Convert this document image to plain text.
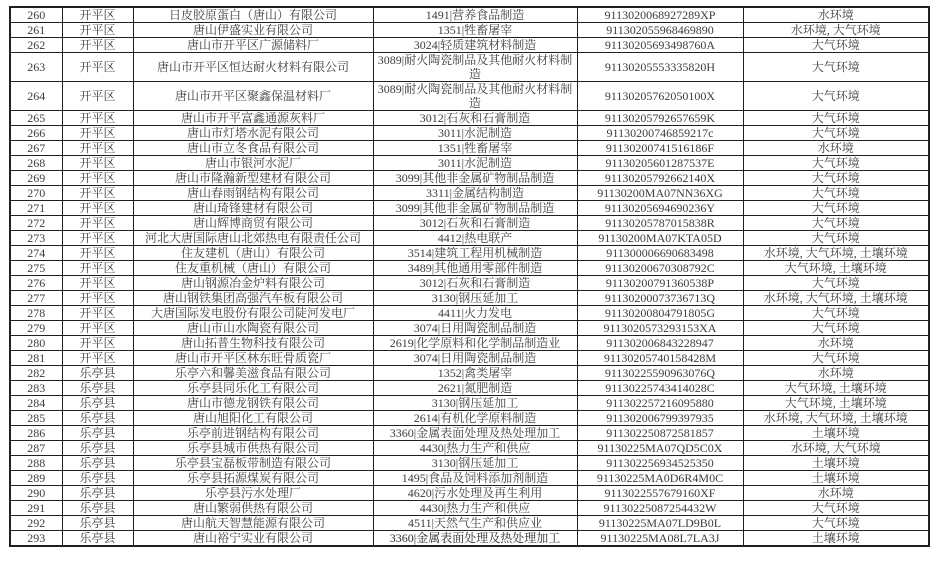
260	开平区	日皮胶原蛋白（唐山）有限公司	1491|营养食品制造	9113020068927289XP	水环境
261	开平区	唐山伊盛实业有限公司	1351|牲畜屠宰	911302055968469890	水环境, 大气环境
262	开平区	唐山市开平区广源储料厂	3024|轻质建筑材料制造	91130205693498760A	大气环境
263	开平区	唐山市开平区恒达耐火材料有限公司	3089|耐火陶瓷制品及其他耐火材料制造	91130205553335820H	大气环境
264	开平区	唐山市开平区聚鑫保温材料厂	3089|耐火陶瓷制品及其他耐火材料制造	91130205762050100X	大气环境
265	开平区	唐山市开平富鑫通源灰料厂	3012|石灰和石膏制造	91130205792657659K	大气环境
266	开平区	唐山市灯塔水泥有限公司	3011|水泥制造	91130200746859217c	大气环境
267	开平区	唐山市立冬食品有限公司	1351|牲畜屠宰	91130200741516186F	水环境
268	开平区	唐山市银河水泥厂	3011|水泥制造	91130205601287537E	大气环境
269	开平区	唐山市隆瀚新型建材有限公司	3099|其他非金属矿物制品制造	91130205792662140X	大气环境
270	开平区	唐山春雨钢结构有限公司	3311|金属结构制造	91130200MA07NN36XG	大气环境
271	开平区	唐山琦锋建材有限公司	3099|其他非金属矿物制品制造	91130205694690236Y	大气环境
272	开平区	唐山辉博商贸有限公司	3012|石灰和石膏制造	91130205787015838R	大气环境
273	开平区	河北大唐国际唐山北郊热电有限责任公司	4412|热电联产	91130200MA07KTA05D	大气环境
274	开平区	住友建机（唐山）有限公司	3514|建筑工程用机械制造	911300006690683498	水环境, 大气环境, 土壤环境
275	开平区	住友重机械（唐山）有限公司	3489|其他通用零部件制造	91130200670308792C	大气环境, 土壤环境
276	开平区	唐山钢源冶金炉料有限公司	3012|石灰和石膏制造	91130200791360538P	大气环境
277	开平区	唐山钢铁集团高强汽车板有限公司	3130|钢压延加工	91130200073736713Q	水环境, 大气环境, 土壤环境
278	开平区	大唐国际发电股份有限公司陡河发电厂	4411|火力发电	91130200804791805G	大气环境
279	开平区	唐山市山水陶瓷有限公司	3074|日用陶瓷制品制造	9113020573293153XA	大气环境
280	开平区	唐山拓普生物科技有限公司	2619|化学原料和化学制品制造业	911302006843228947	水环境
281	开平区	唐山市开平区林东旺骨质瓷厂	3074|日用陶瓷制品制造	91130205740158428M	大气环境
282	乐亭县	乐亭六和馨美滋食品有限公司	1352|禽类屠宰	91130225590963076Q	水环境
283	乐亭县	乐亭县同乐化工有限公司	2621|氮肥制造	91130225743414028C	大气环境, 土壤环境
284	乐亭县	唐山市德龙钢铁有限公司	3130|钢压延加工	911302257216095880	大气环境, 土壤环境
285	乐亭县	唐山旭阳化工有限公司	2614|有机化学原料制造	911302006799397935	水环境, 大气环境, 土壤环境
286	乐亭县	乐亭前进钢结构有限公司	3360|金属表面处理及热处理加工	911302250872581857	土壤环境
287	乐亭县	乐亭县城市供热有限公司	4430|热力生产和供应	91130225MA07QD5C0X	水环境, 大气环境
288	乐亭县	乐亭县宝磊板带制造有限公司	3130|钢压延加工	911302256934525350	土壤环境
289	乐亭县	乐亭县拓源煤炭有限公司	1495|食品及饲料添加剂制造	91130225MA0D6R4M0C	土壤环境
290	乐亭县	乐亭县污水处理厂	4620|污水处理及再生利用	9113022557679160XF	水环境
291	乐亭县	唐山繁弱供热有限公司	4430|热力生产和供应	91130225087254432W	大气环境
292	乐亭县	唐山航天智慧能源有限公司	4511|天然气生产和供应业	91130225MA07LD9B0L	大气环境
293	乐亭县	唐山裕宁实业有限公司	3360|金属表面处理及热处理加工	91130225MA08L7LA3J	土壤环境
